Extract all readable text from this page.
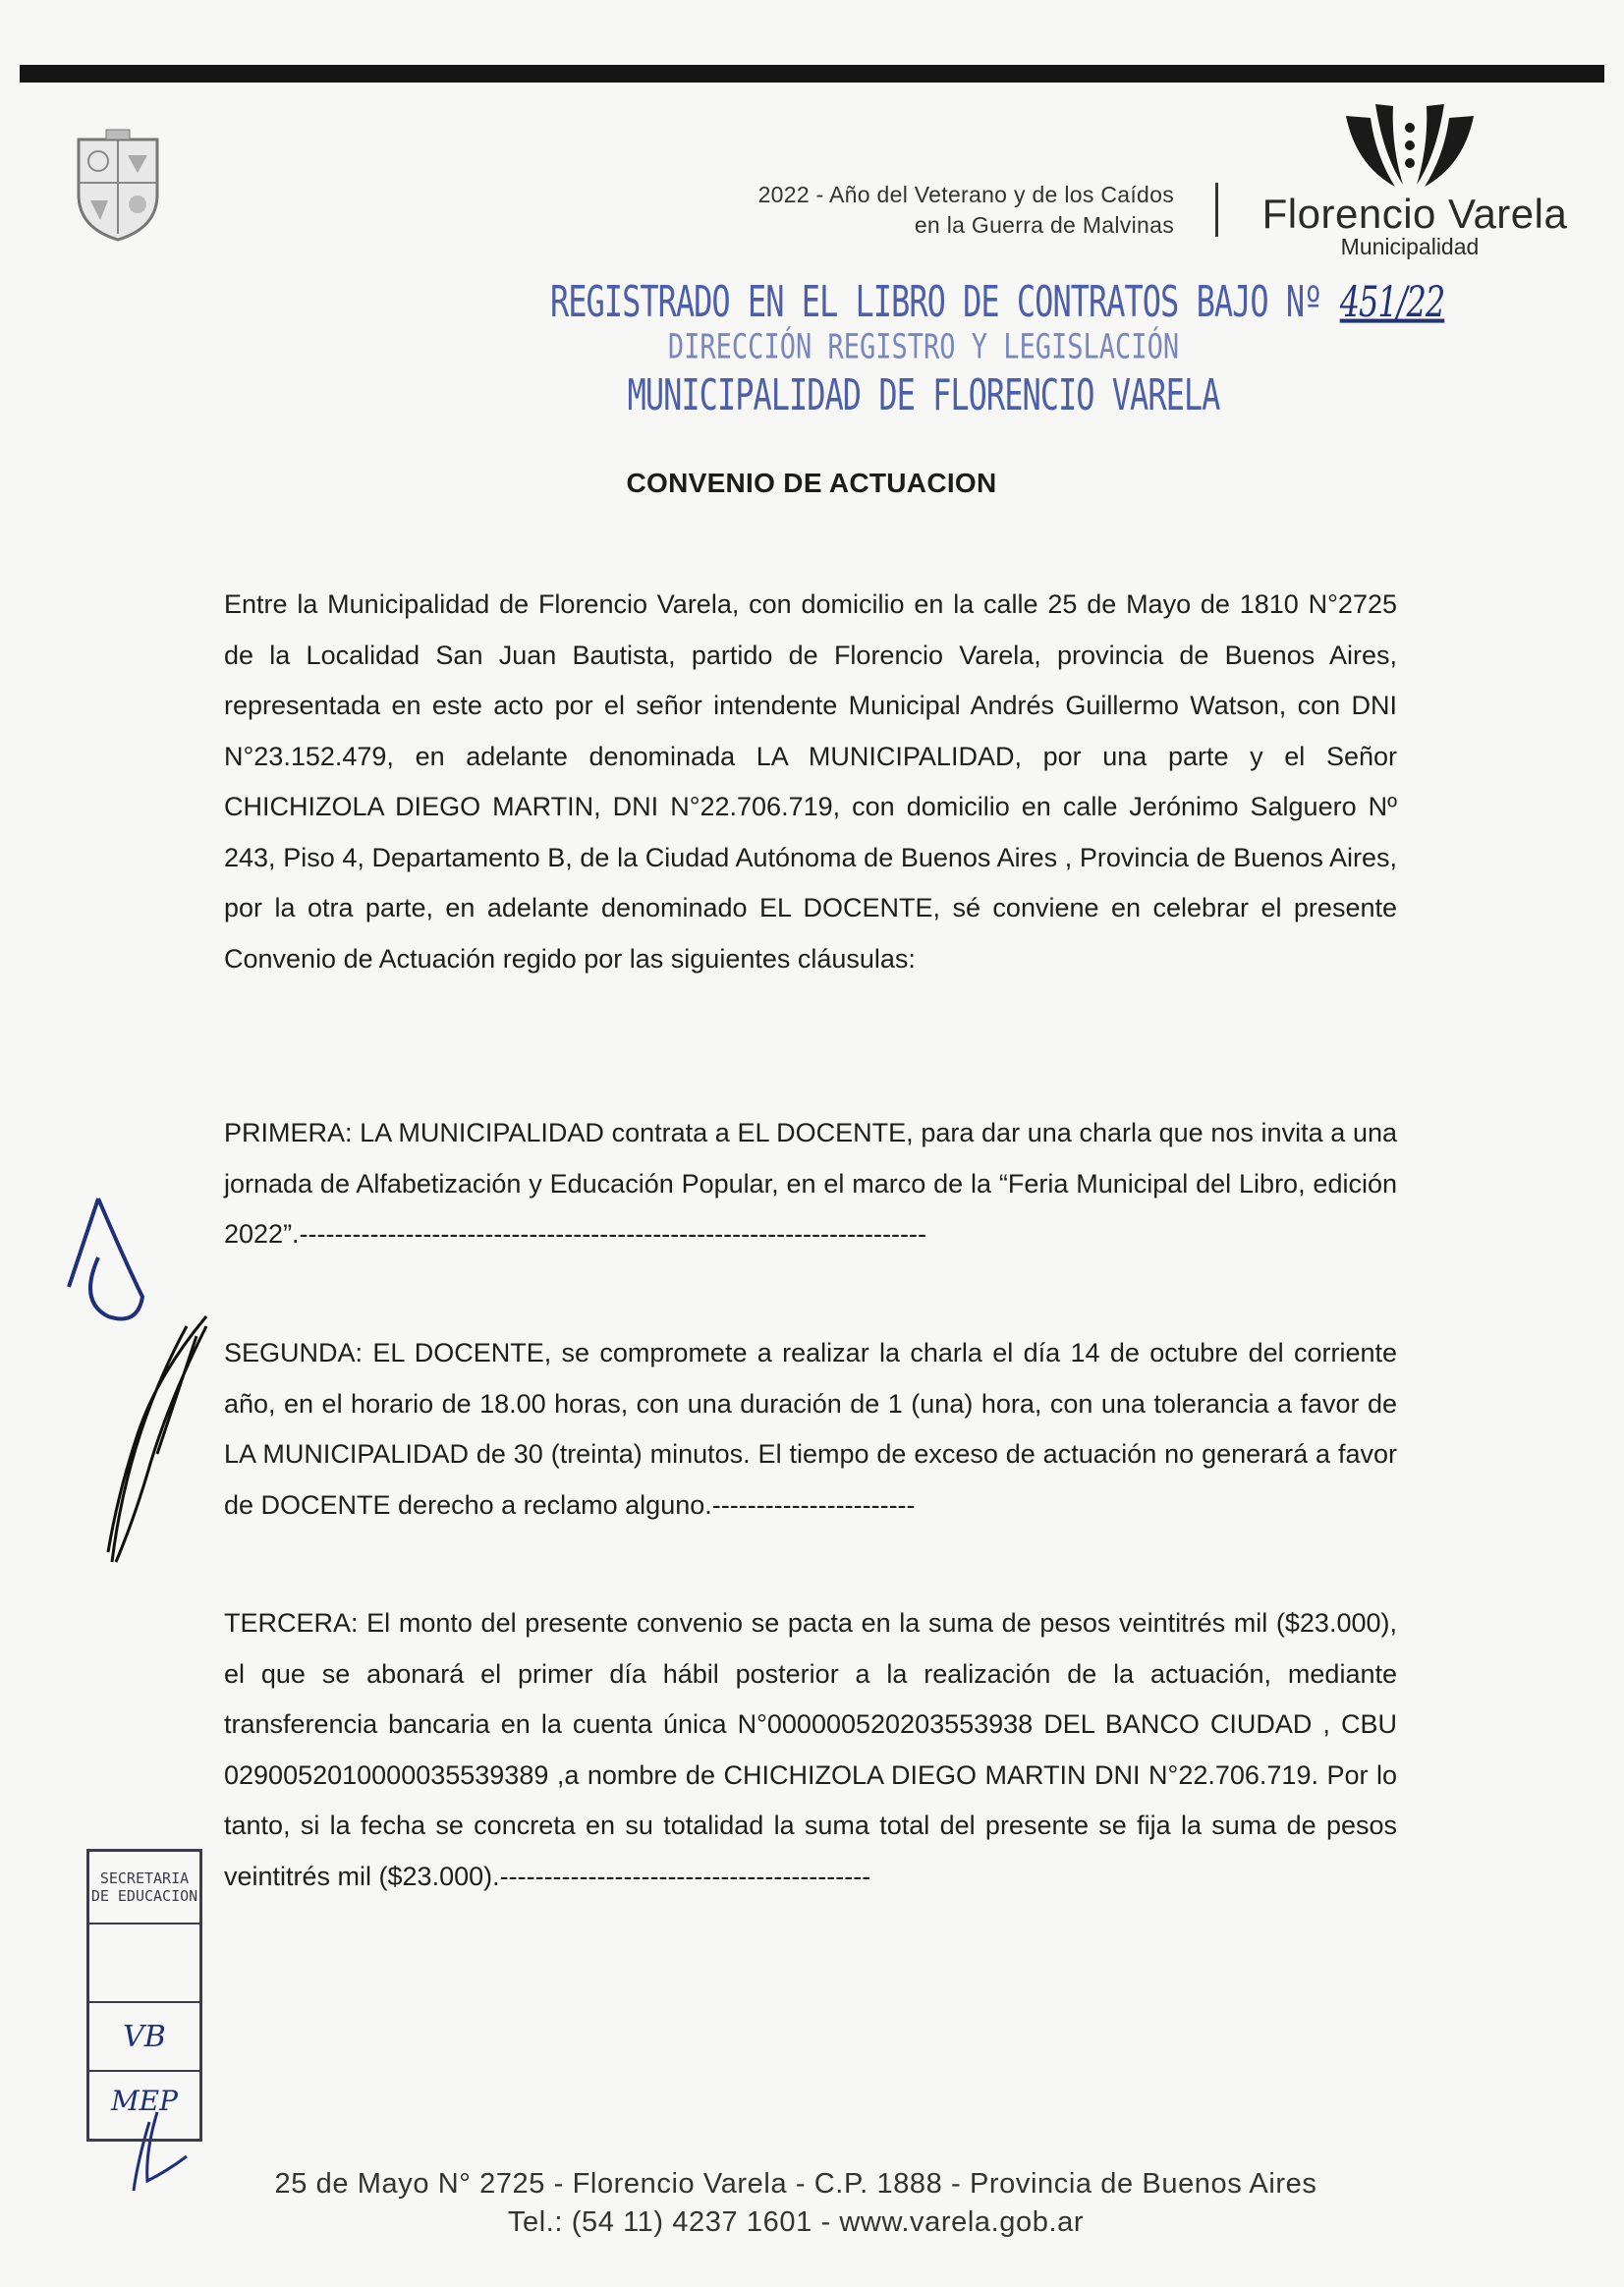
2022 - Año del Veterano y de los Caídos
en la Guerra de Malvinas Florencio Varela
Municipalidad
REGISTRADO EN EL LIBRO DE CONTRATOS BAJO Nº 451/22
DIRECCIÓN REGISTRO Y LEGISLACIÓN
MUNICIPALIDAD DE FLORENCIO VARELA
CONVENIO DE ACTUACION
Entre la Municipalidad de Florencio Varela, con domicilio en la calle 25 de Mayo de 1810 N°2725 de la Localidad San Juan Bautista, partido de Florencio Varela, provincia de Buenos Aires, representada en este acto por el señor intendente Municipal Andrés Guillermo Watson, con DNI N°23.152.479, en adelante denominada LA MUNICIPALIDAD, por una parte y el Señor CHICHIZOLA DIEGO MARTIN, DNI N°22.706.719, con domicilio en calle Jerónimo Salguero Nº 243, Piso 4, Departamento B, de la Ciudad Autónoma de Buenos Aires , Provincia de Buenos Aires, por la otra parte, en adelante denominado EL DOCENTE, sé conviene en celebrar el presente Convenio de Actuación regido por las siguientes cláusulas:
PRIMERA: LA MUNICIPALIDAD contrata a EL DOCENTE, para dar una charla que nos invita a una jornada de Alfabetización y Educación Popular, en el marco de la “Feria Municipal del Libro, edición 2022”.-----------------------------------------------------------------------
SEGUNDA: EL DOCENTE, se compromete a realizar la charla el día 14 de octubre del corriente año, en el horario de 18.00 horas, con una duración de 1 (una) hora, con una tolerancia a favor de LA MUNICIPALIDAD de 30 (treinta) minutos. El tiempo de exceso de actuación no generará a favor de DOCENTE derecho a reclamo alguno.-----------------------
TERCERA: El monto del presente convenio se pacta en la suma de pesos veintitrés mil ($23.000), el que se abonará el primer día hábil posterior a la realización de la actuación, mediante transferencia bancaria en la cuenta única N°000000520203553938 DEL BANCO CIUDAD , CBU 0290052010000035539389 ,a nombre de CHICHIZOLA DIEGO MARTIN DNI N°22.706.719. Por lo tanto, si la fecha se concreta en su totalidad la suma total del presente se fija la suma de pesos veintitrés mil ($23.000).------------------------------------------
SECRETARIA DE EDUCACION
VB
MEP
25 de Mayo N° 2725 - Florencio Varela - C.P. 1888 - Provincia de Buenos Aires
Tel.: (54 11) 4237 1601 - www.varela.gob.ar
